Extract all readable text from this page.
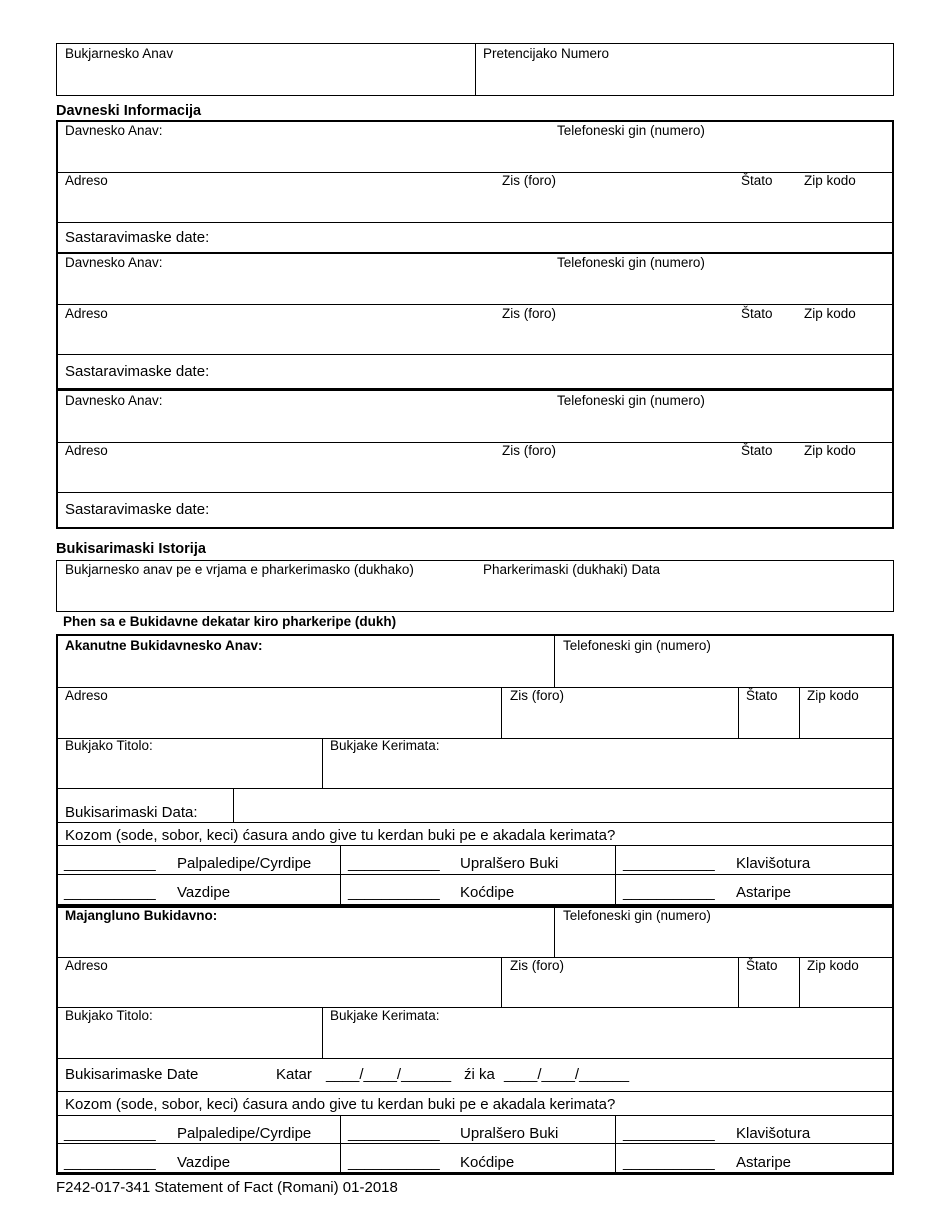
Bukjarnesko Anav	Pretencijako Numero
Davneski Informacija
Davnesko Anav:	Telefoneski gin (numero)
Adreso	Zis (foro)	Štato Zip kodo
Sastaravimaske date:
Davnesko Anav:	Telefoneski gin (numero)
Adreso	Zis (foro)	Štato Zip kodo
Sastaravimaske date:
Davnesko Anav:	Telefoneski gin (numero)
Adreso	Zis (foro)	Štato Zip kodo
Sastaravimaske date:
Bukisarimaski Istorija
Bukjarnesko anav pe e vrjama e pharkerimasko (dukhako)	Pharkerimaski (dukhaki) Data
Phen sa e Bukidavne dekatar kiro pharkeripe (dukh)
Akanutne Bukidavnesko Anav:	Telefoneski gin (numero)
Adreso	Zis (foro)	Štato Zip kodo
Bukjako Titolo:	Bukjake Kerimata:
Bukisarimaski Data:
Kozom (sode, sobor, keci) ćasura ando give tu kerdan buki pe e akadala kerimata?
___________ Palpaledipe/Cyrdipe ___________ Upralšero Buki	___________ Klavišotura
___________ Vazdipe	___________ Koćdipe	___________ Astaripe
Majangluno Bukidavno:	Telefoneski gin (numero)
Adreso	Zis (foro)	Štato Zip kodo
Bukjako Titolo:	Bukjake Kerimata:
Bukisarimaske Date	Katar ____/____/______ źi ka ____/____/______
Kozom (sode, sobor, keci) ćasura ando give tu kerdan buki pe e akadala kerimata?
___________ Palpaledipe/Cyrdipe ___________ Upralšero Buki	___________ Klavišotura
___________ Vazdipe	___________ Koćdipe	___________ Astaripe
F242-017-341 Statement of Fact (Romani) 01-2018
